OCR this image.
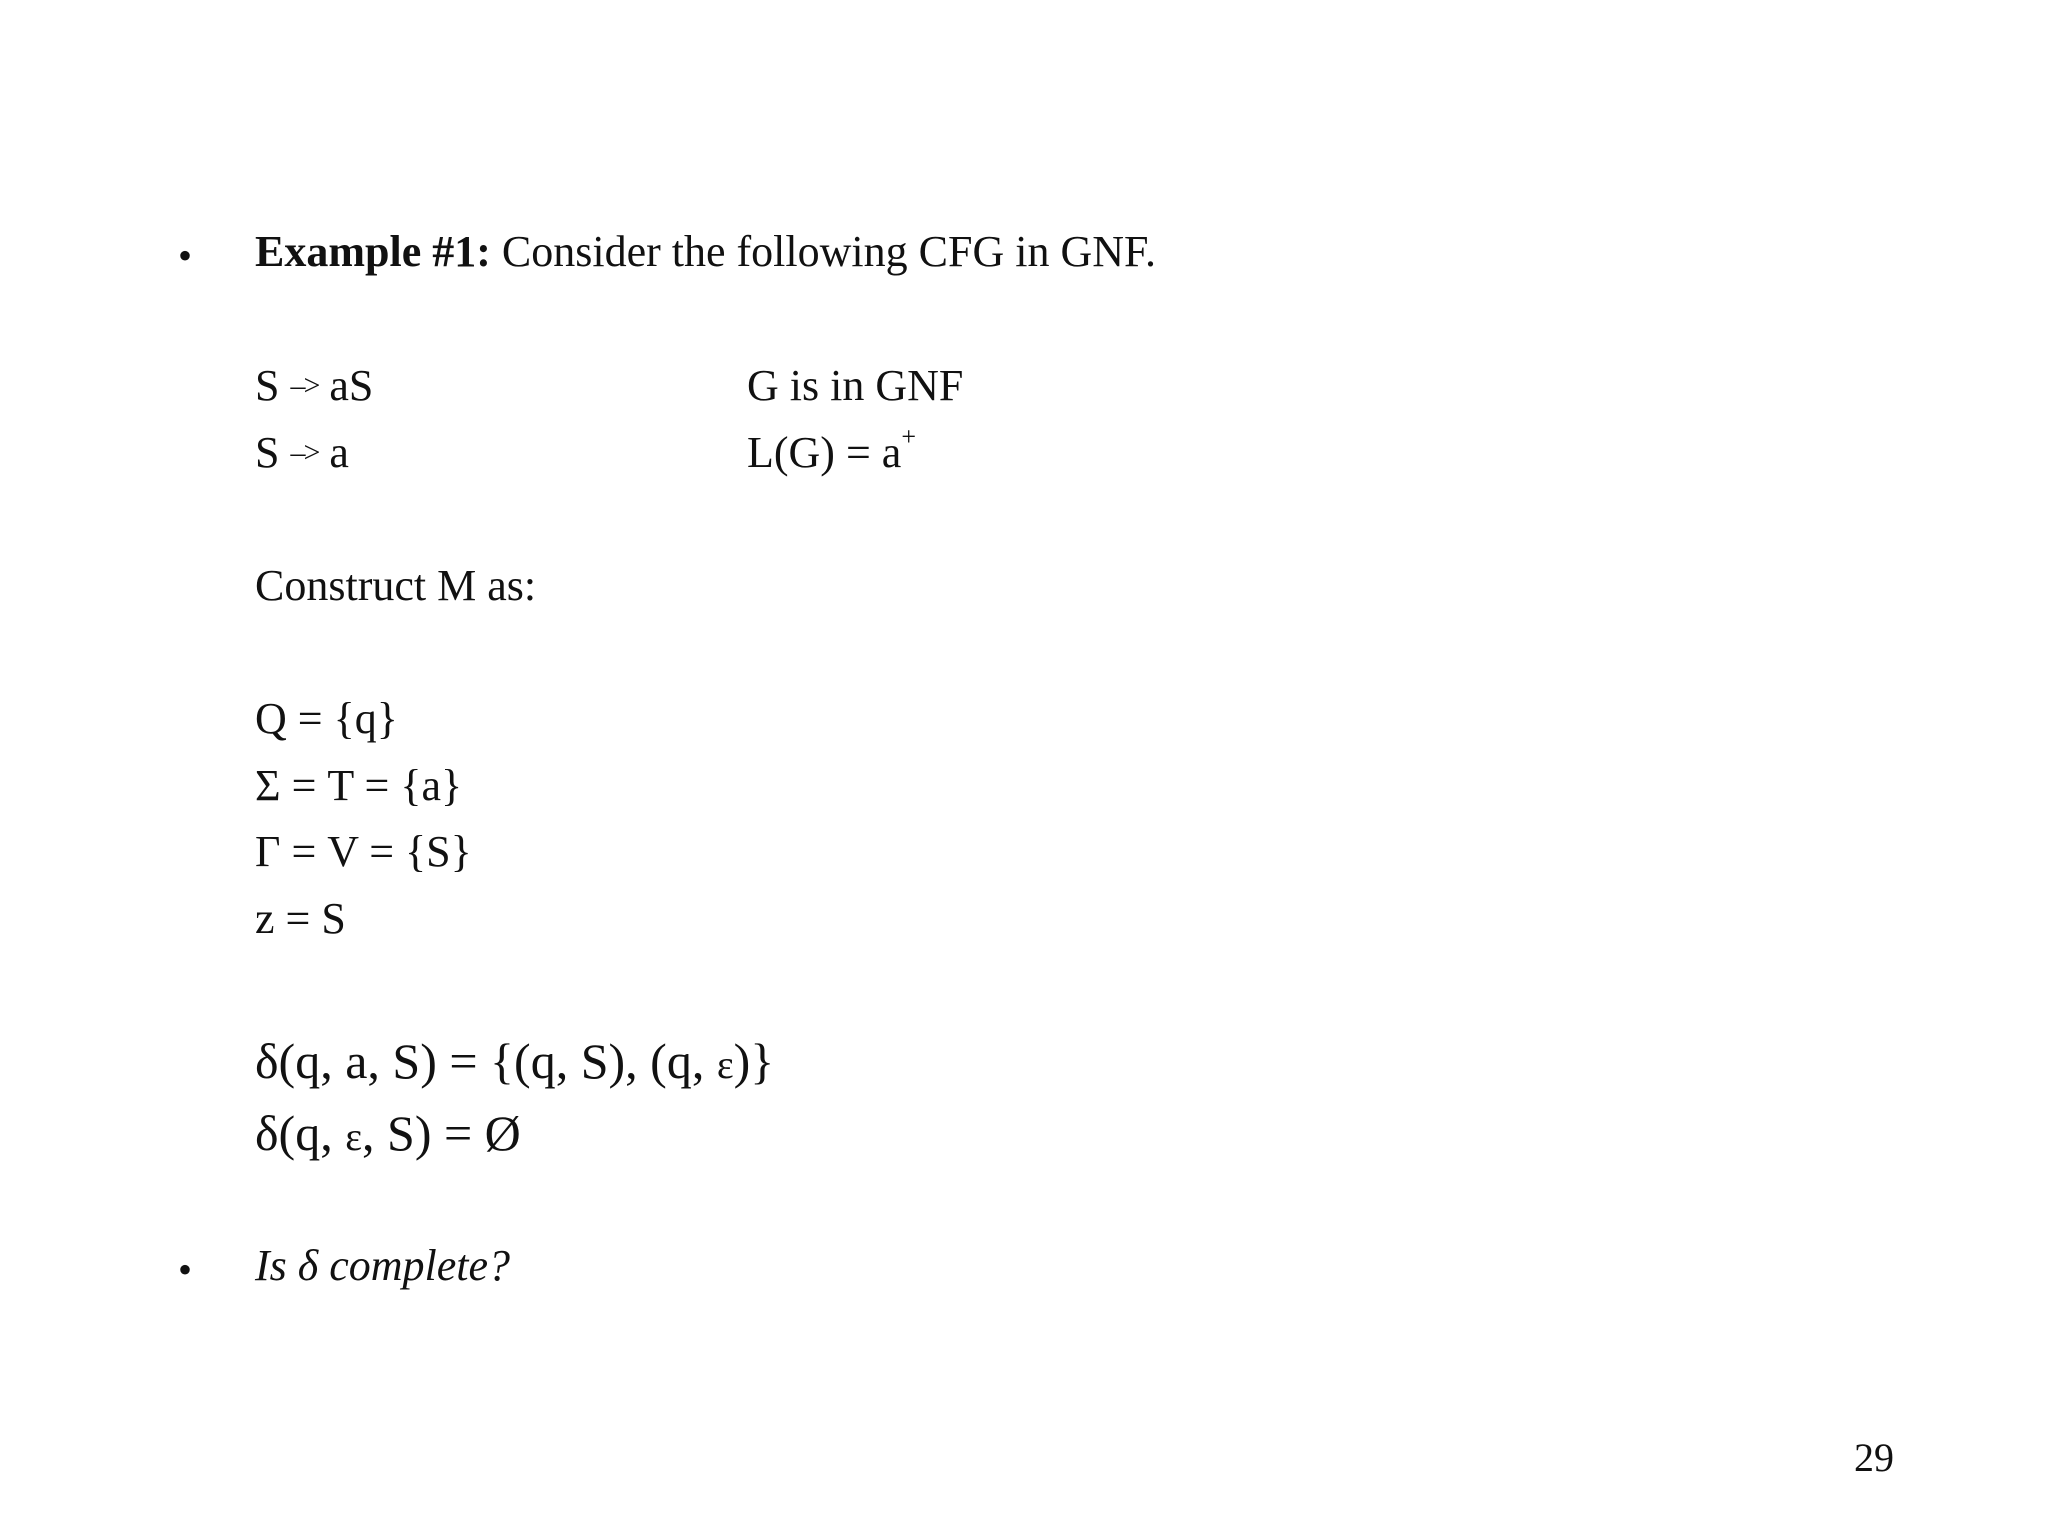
• Example #1: Consider the following CFG in GNF.
S –> aS
S –> a
G is in GNF
L(G) = a+
Construct M as:
Q = {q}
Σ = T = {a}
Γ = V = {S}
z = S
δ(q, a, S) = {(q, S), (q, ε)}
δ(q, ε, S) = Ø
• Is δ complete?
29
